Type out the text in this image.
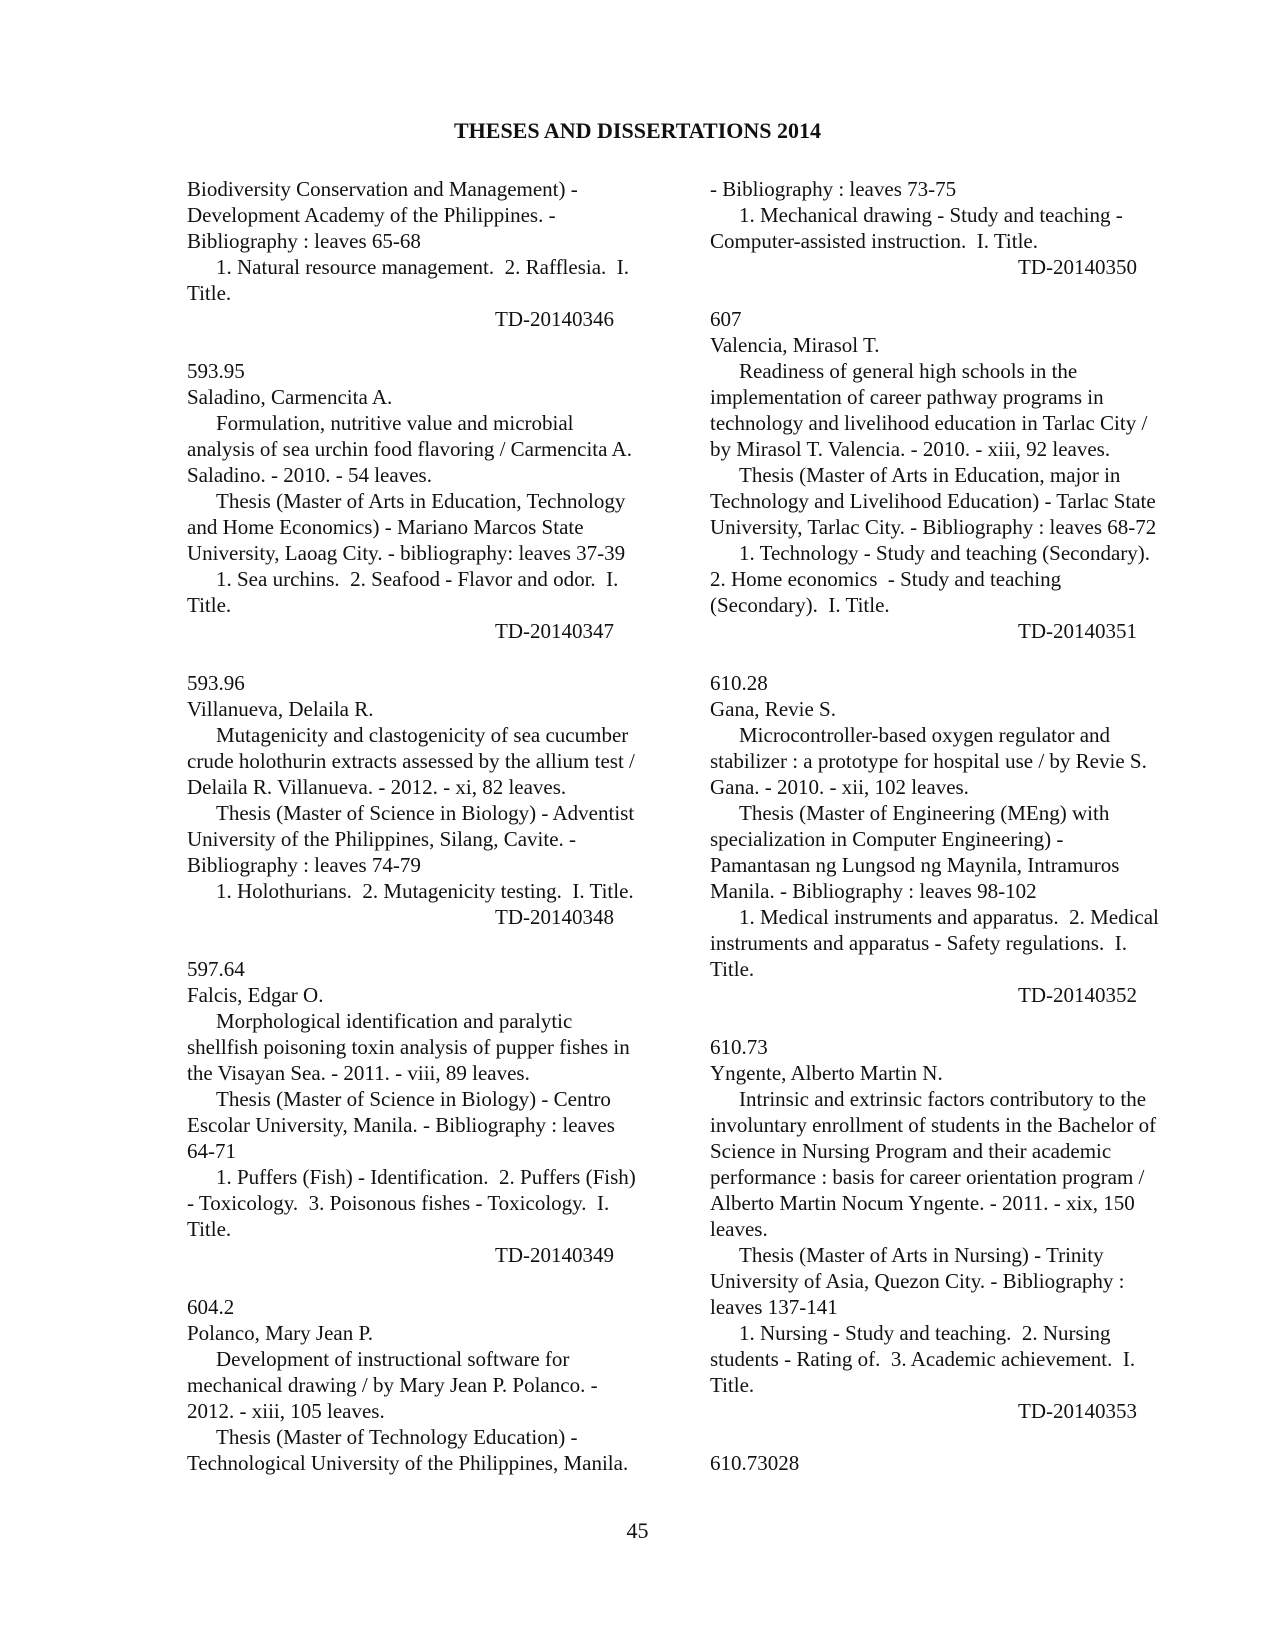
THESES AND DISSERTATIONS 2014
Biodiversity Conservation and Management) -
Development Academy of the Philippines. -
Bibliography : leaves 65-68
1. Natural resource management.  2. Rafflesia.  I.
Title.
TD-20140346
593.95
Saladino, Carmencita A.
Formulation, nutritive value and microbial
analysis of sea urchin food flavoring / Carmencita A.
Saladino. - 2010. - 54 leaves.
Thesis (Master of Arts in Education, Technology
and Home Economics) - Mariano Marcos State
University, Laoag City. - bibliography: leaves 37-39
1. Sea urchins.  2. Seafood - Flavor and odor.  I.
Title.
TD-20140347
593.96
Villanueva, Delaila R.
Mutagenicity and clastogenicity of sea cucumber
crude holothurin extracts assessed by the allium test /
Delaila R. Villanueva. - 2012. - xi, 82 leaves.
Thesis (Master of Science in Biology) - Adventist
University of the Philippines, Silang, Cavite. -
Bibliography : leaves 74-79
1. Holothurians.  2. Mutagenicity testing.  I. Title.
TD-20140348
597.64
Falcis, Edgar O.
Morphological identification and paralytic
shellfish poisoning toxin analysis of pupper fishes in
the Visayan Sea. - 2011. - viii, 89 leaves.
Thesis (Master of Science in Biology) - Centro
Escolar University, Manila. - Bibliography : leaves
64-71
1. Puffers (Fish) - Identification.  2. Puffers (Fish)
- Toxicology.  3. Poisonous fishes - Toxicology.  I.
Title.
TD-20140349
604.2
Polanco, Mary Jean P.
Development of instructional software for
mechanical drawing / by Mary Jean P. Polanco. -
2012. - xiii, 105 leaves.
Thesis (Master of Technology Education) -
Technological University of the Philippines, Manila.
- Bibliography : leaves 73-75
1. Mechanical drawing - Study and teaching -
Computer-assisted instruction.  I. Title.
TD-20140350
607
Valencia, Mirasol T.
Readiness of general high schools in the
implementation of career pathway programs in
technology and livelihood education in Tarlac City /
by Mirasol T. Valencia. - 2010. - xiii, 92 leaves.
Thesis (Master of Arts in Education, major in
Technology and Livelihood Education) - Tarlac State
University, Tarlac City. - Bibliography : leaves 68-72
1. Technology - Study and teaching (Secondary).
2. Home economics  - Study and teaching
(Secondary).  I. Title.
TD-20140351
610.28
Gana, Revie S.
Microcontroller-based oxygen regulator and
stabilizer : a prototype for hospital use / by Revie S.
Gana. - 2010. - xii, 102 leaves.
Thesis (Master of Engineering (MEng) with
specialization in Computer Engineering) -
Pamantasan ng Lungsod ng Maynila, Intramuros
Manila. - Bibliography : leaves 98-102
1. Medical instruments and apparatus.  2. Medical
instruments and apparatus - Safety regulations.  I.
Title.
TD-20140352
610.73
Yngente, Alberto Martin N.
Intrinsic and extrinsic factors contributory to the
involuntary enrollment of students in the Bachelor of
Science in Nursing Program and their academic
performance : basis for career orientation program /
Alberto Martin Nocum Yngente. - 2011. - xix, 150
leaves.
Thesis (Master of Arts in Nursing) - Trinity
University of Asia, Quezon City. - Bibliography :
leaves 137-141
1. Nursing - Study and teaching.  2. Nursing
students - Rating of.  3. Academic achievement.  I.
Title.
TD-20140353
610.73028
45
